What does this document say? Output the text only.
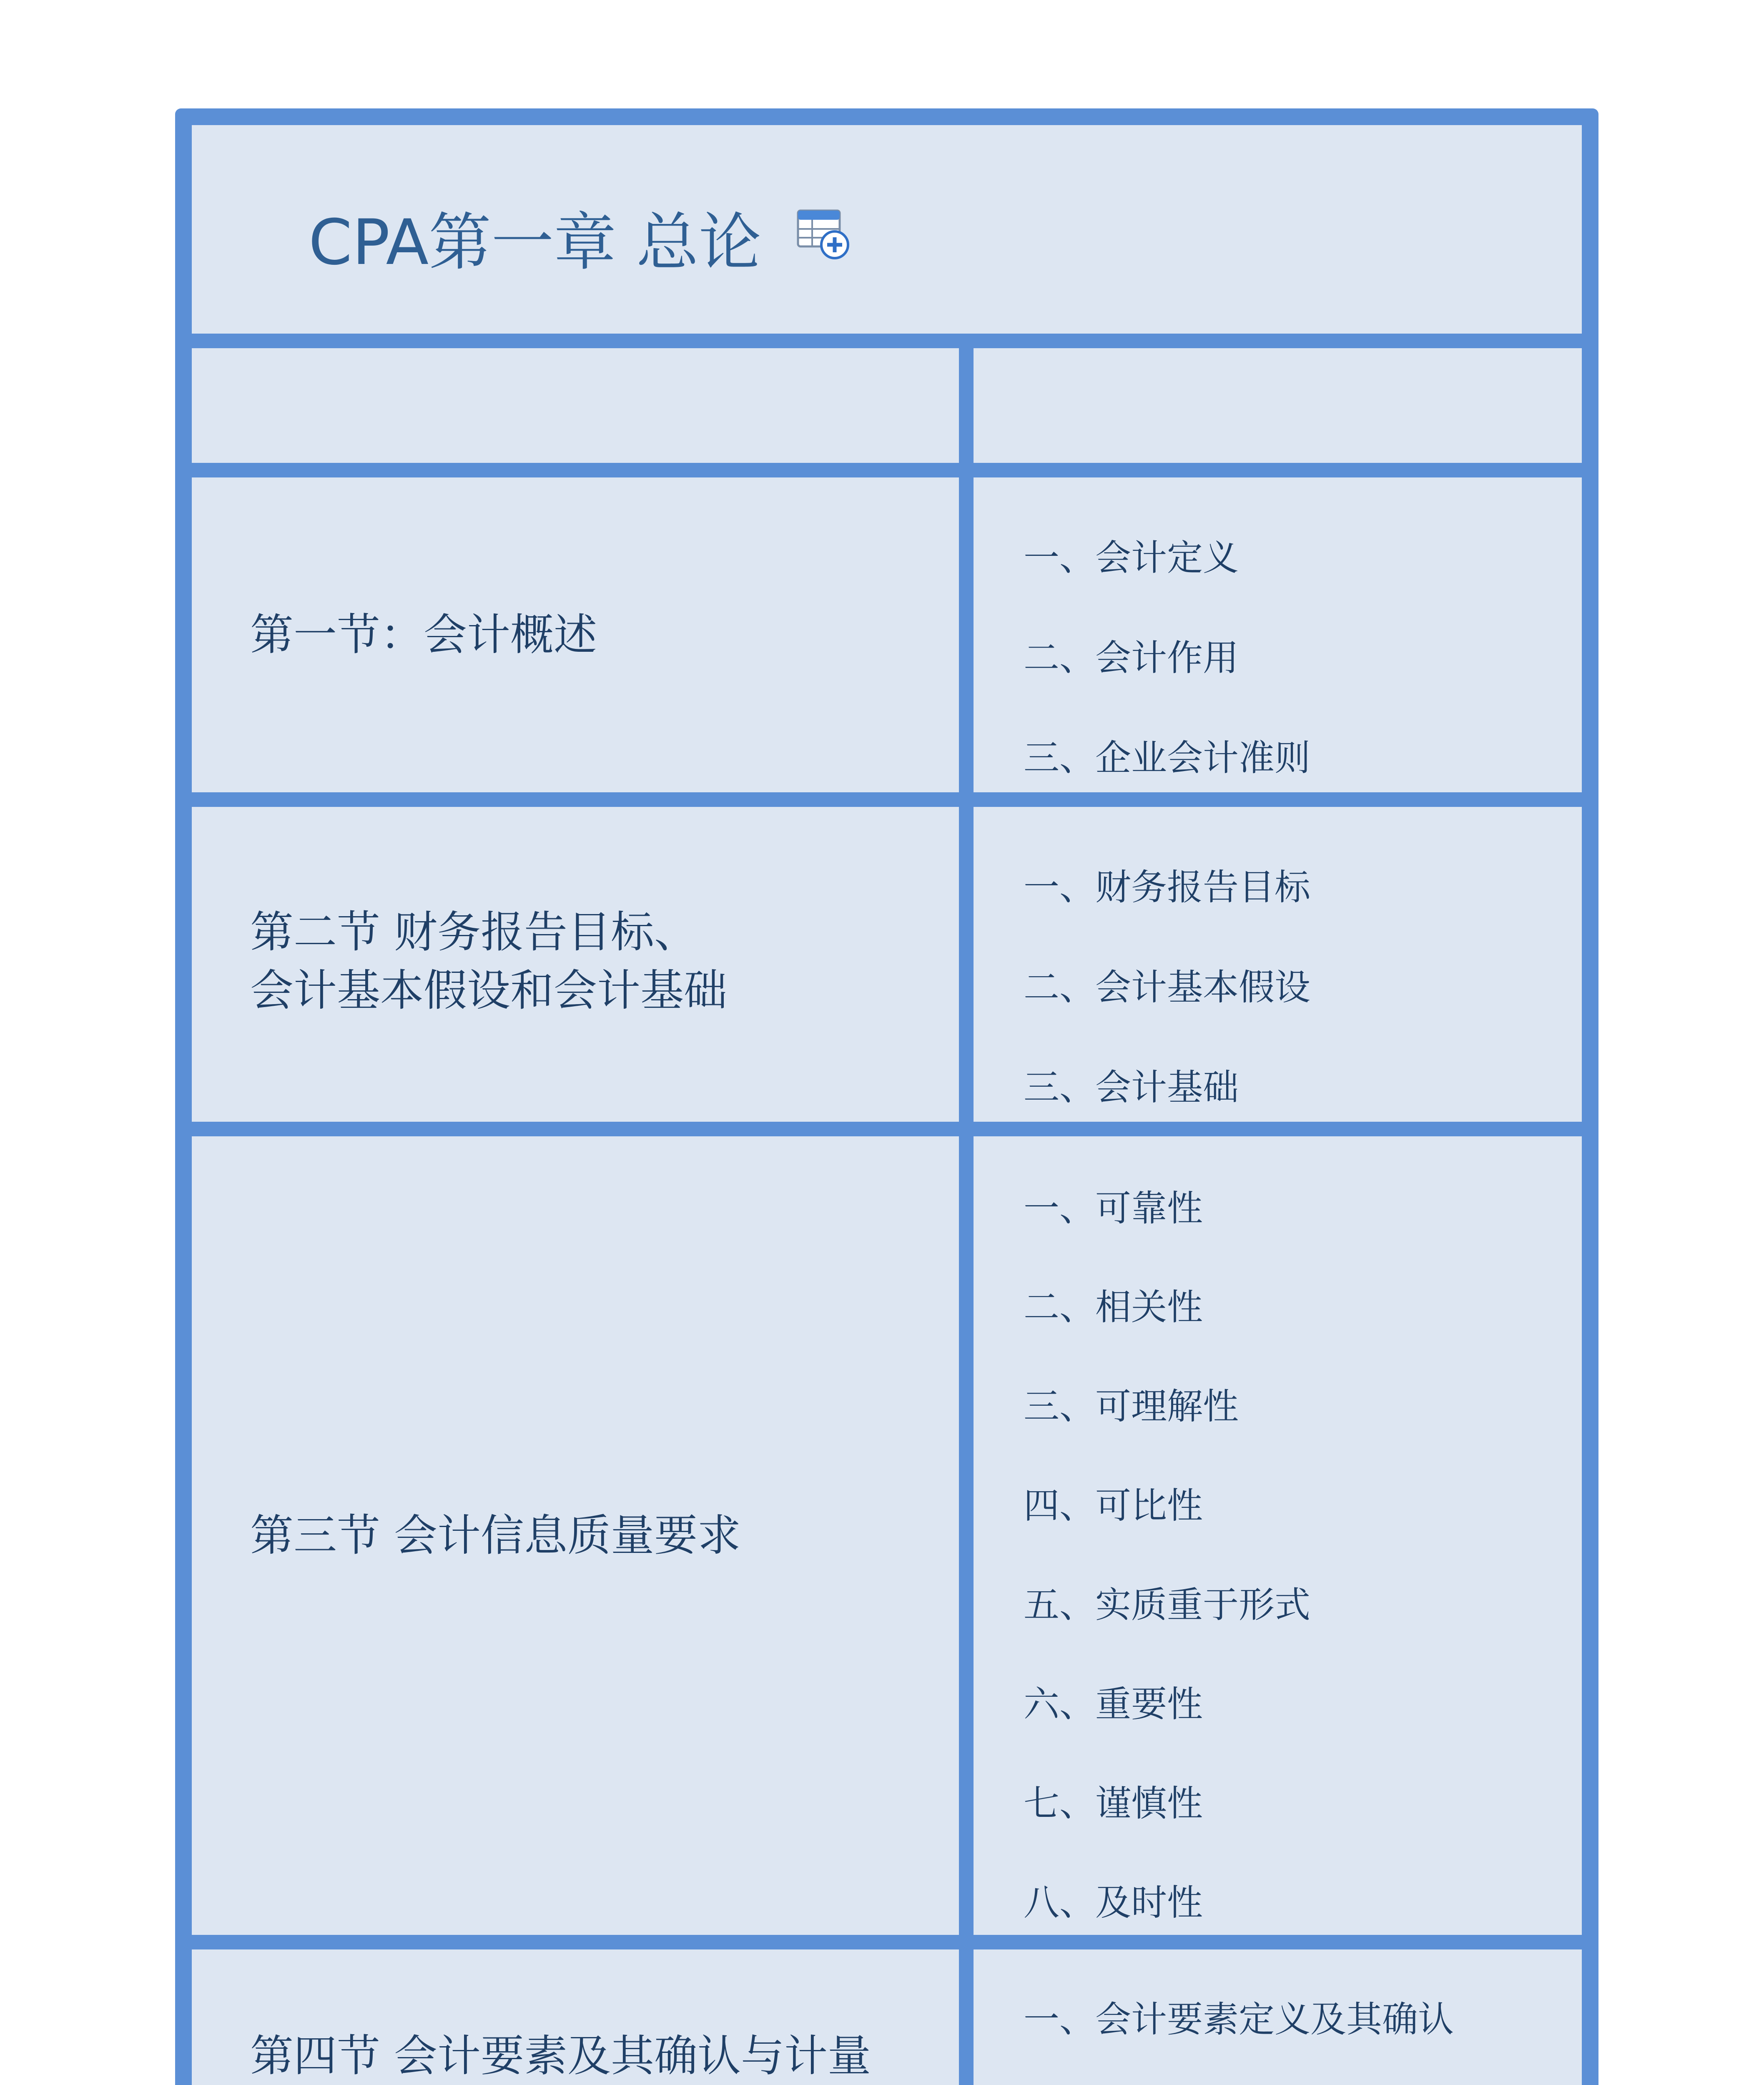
CPA第一章 总论
第一节：会计概述
一、会计定义
二、会计作用
三、企业会计准则
第二节 财务报告目标、
会计基本假设和会计基础
一、财务报告目标
二、会计基本假设
三、会计基础
第三节 会计信息质量要求
一、可靠性
二、相关性
三、可理解性
四、可比性
五、实质重于形式
六、重要性
七、谨慎性
八、及时性
第四节 会计要素及其确认与计量
一、会计要素定义及其确认
